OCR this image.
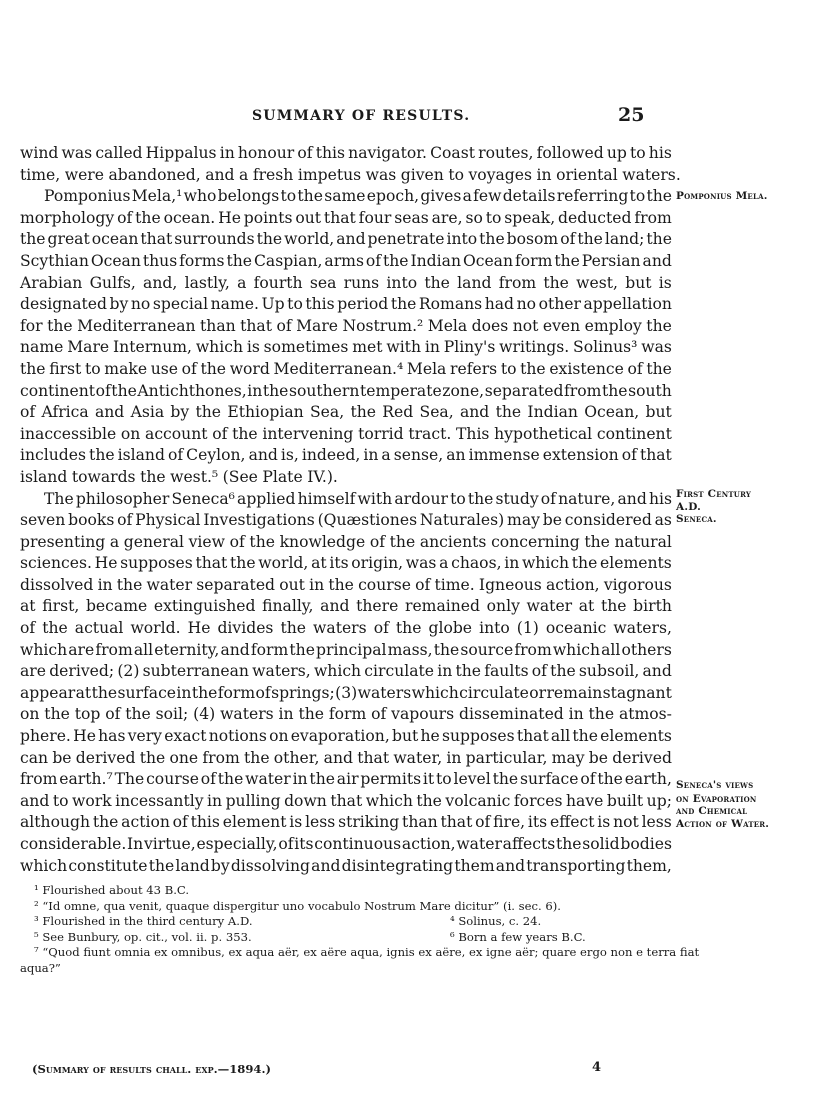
SUMMARY OF RESULTS.	25
wind was called Hippalus in honour of this navigator. Coast routes, followed up to his
time, were abandoned, and a fresh impetus was given to voyages in oriental waters.
Pomponius Mela,¹ who belongs to the same epoch, gives a few details referring to the
morphology of the ocean. He points out that four seas are, so to speak, deducted from
the great ocean that surrounds the world, and penetrate into the bosom of the land; the
Scythian Ocean thus forms the Caspian, arms of the Indian Ocean form the Persian and
Arabian Gulfs, and, lastly, a fourth sea runs into the land from the west, but is
designated by no special name. Up to this period the Romans had no other appellation
for the Mediterranean than that of Mare Nostrum.² Mela does not even employ the
name Mare Internum, which is sometimes met with in Pliny's writings. Solinus³ was
the first to make use of the word Mediterranean.⁴ Mela refers to the existence of the
continent of the Antichthones, in the southern temperate zone, separated from the south
of Africa and Asia by the Ethiopian Sea, the Red Sea, and the Indian Ocean, but
inaccessible on account of the intervening torrid tract. This hypothetical continent
includes the island of Ceylon, and is, indeed, in a sense, an immense extension of that
island towards the west.⁵ (See Plate IV.).
The philosopher Seneca⁶ applied himself with ardour to the study of nature, and his
seven books of Physical Investigations (Quæstiones Naturales) may be considered as
presenting a general view of the knowledge of the ancients concerning the natural
sciences. He supposes that the world, at its origin, was a chaos, in which the elements
dissolved in the water separated out in the course of time. Igneous action, vigorous
at first, became extinguished finally, and there remained only water at the birth
of the actual world. He divides the waters of the globe into (1) oceanic waters,
which are from all eternity, and form the principal mass, the source from which all others
are derived; (2) subterranean waters, which circulate in the faults of the subsoil, and
appear at the surface in the form of springs; (3) waters which circulate or remain stagnant
on the top of the soil; (4) waters in the form of vapours disseminated in the atmos-
phere. He has very exact notions on evaporation, but he supposes that all the elements
can be derived the one from the other, and that water, in particular, may be derived
from earth.⁷ The course of the water in the air permits it to level the surface of the earth,
and to work incessantly in pulling down that which the volcanic forces have built up;
although the action of this element is less striking than that of fire, its effect is not less
considerable. In virtue, especially, of its continuous action, water affects the solid bodies
which constitute the land by dissolving and disintegrating them and transporting them,
Pomponius Mela.
First Century
A.D.
Seneca.
Seneca's views
on Evaporation
and Chemical
Action of Water.
¹ Flourished about 43 B.C.
² “Id omne, qua venit, quaque dispergitur uno vocabulo Nostrum Mare dicitur” (i. sec. 6).
³ Flourished in the third century A.D.	⁴ Solinus, c. 24.
⁵ See Bunbury, op. cit., vol. ii. p. 353.	⁶ Born a few years B.C.
⁷ “Quod fiunt omnia ex omnibus, ex aqua aër, ex aëre aqua, ignis ex aëre, ex igne aër; quare ergo non e terra fiat
aqua?”
(Summary of results chall. exp.—1894.)	4
